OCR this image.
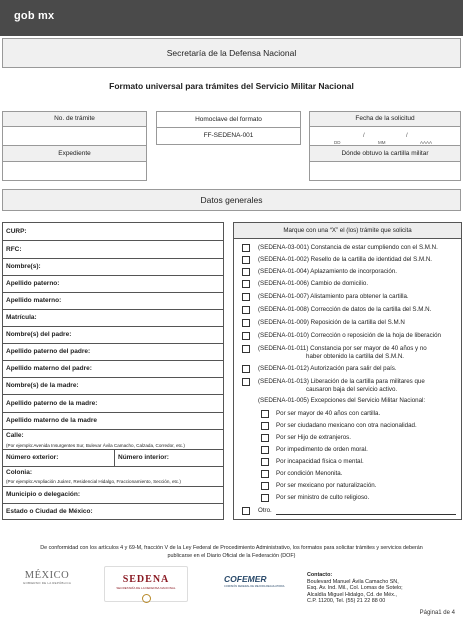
gob mx
Secretaría de la Defensa Nacional
Formato universal para trámites del Servicio Militar Nacional
No. de trámite
Expediente
Homoclave del formato
FF-SEDENA-001
Fecha de la solicitud
DD
/
MM
/
AAAA
Dónde obtuvo la cartilla militar
Datos generales
CURP:
RFC:
Nombre(s):
Apellido paterno:
Apellido materno:
Matrícula:
Nombre(s) del padre:
Apellido paterno del padre:
Apellido materno del padre:
Nombre(s) de la madre:
Apellido paterno de la madre:
Apellido materno de la madre
Calle:
(Por ejemplo:Avenida Insurgentes Sur, Bulevar Ávila Camacho, Calzada, Corredor, etc.)
Número exterior:	Número interior:
Colonia:
(Por ejemplo:Ampliación Juárez, Residencial Hidalgo, Fraccionamiento, Sección, etc.)
Municipio o delegación:
Estado o Ciudad de México:
Marque con una “X” el (los) trámite que solicita
(SEDENA-03-001) Constancia de estar cumpliendo con el S.M.N.
(SEDENA-01-002) Resello de la cartilla de identidad del S.M.N.
(SEDENA-01-004) Aplazamiento de incorporación.
(SEDENA-01-006) Cambio de domicilio.
(SEDENA-01-007) Alistamiento para obtener la cartilla.
(SEDENA-01-008) Corrección de datos de la cartilla del S.M.N.
(SEDENA-01-009) Reposición de la cartilla del S.M.N
(SEDENA-01-010) Corrección o reposición de la hoja de liberación
(SEDENA-01-011) Constancia por ser mayor de 40 años y no
haber obtenido la cartilla del S.M.N.
(SEDENA-01-012) Autorización para salir del país.
(SEDENA-01-013) Liberación de la cartilla para militares que
causaron baja del servicio activo.
(SEDENA-01-005) Excepciones del Servicio Militar Nacional:
Por ser mayor de 40 años con cartilla.
Por ser ciudadano mexicano con otra nacionalidad.
Por ser Hijo de extranjeros.
Por impedimento de orden moral.
Por incapacidad física o mental.
Por condición Menonita.
Por ser mexicano por naturalización.
Por ser ministro de culto religioso.
Otro.
De conformidad con los artículos 4 y 69-M, fracción V de la Ley Federal de Procedimiento Administrativo, los formatos para solicitar trámites y servicios deberán
publicarse en el Diario Oficial de la Federación (DOF)
MÉXICO
GOBIERNO DE LA REPÚBLICA	SEDENA
SECRETARÍA DE LA DEFENSA NACIONAL
COFEMER
COMISIÓN FEDERAL DE MEJORA REGULATORIA
Contacto:
Boulevard Manuel Ávila Camacho SN,
Esq. Av. Ind. Mil., Col. Lomas de Sotelo;
Alcaldía Miguel Hidalgo, Cd. de Méx.,
C.P. 11200, Tel. (55) 21 22 88 00
Página1 de 4
